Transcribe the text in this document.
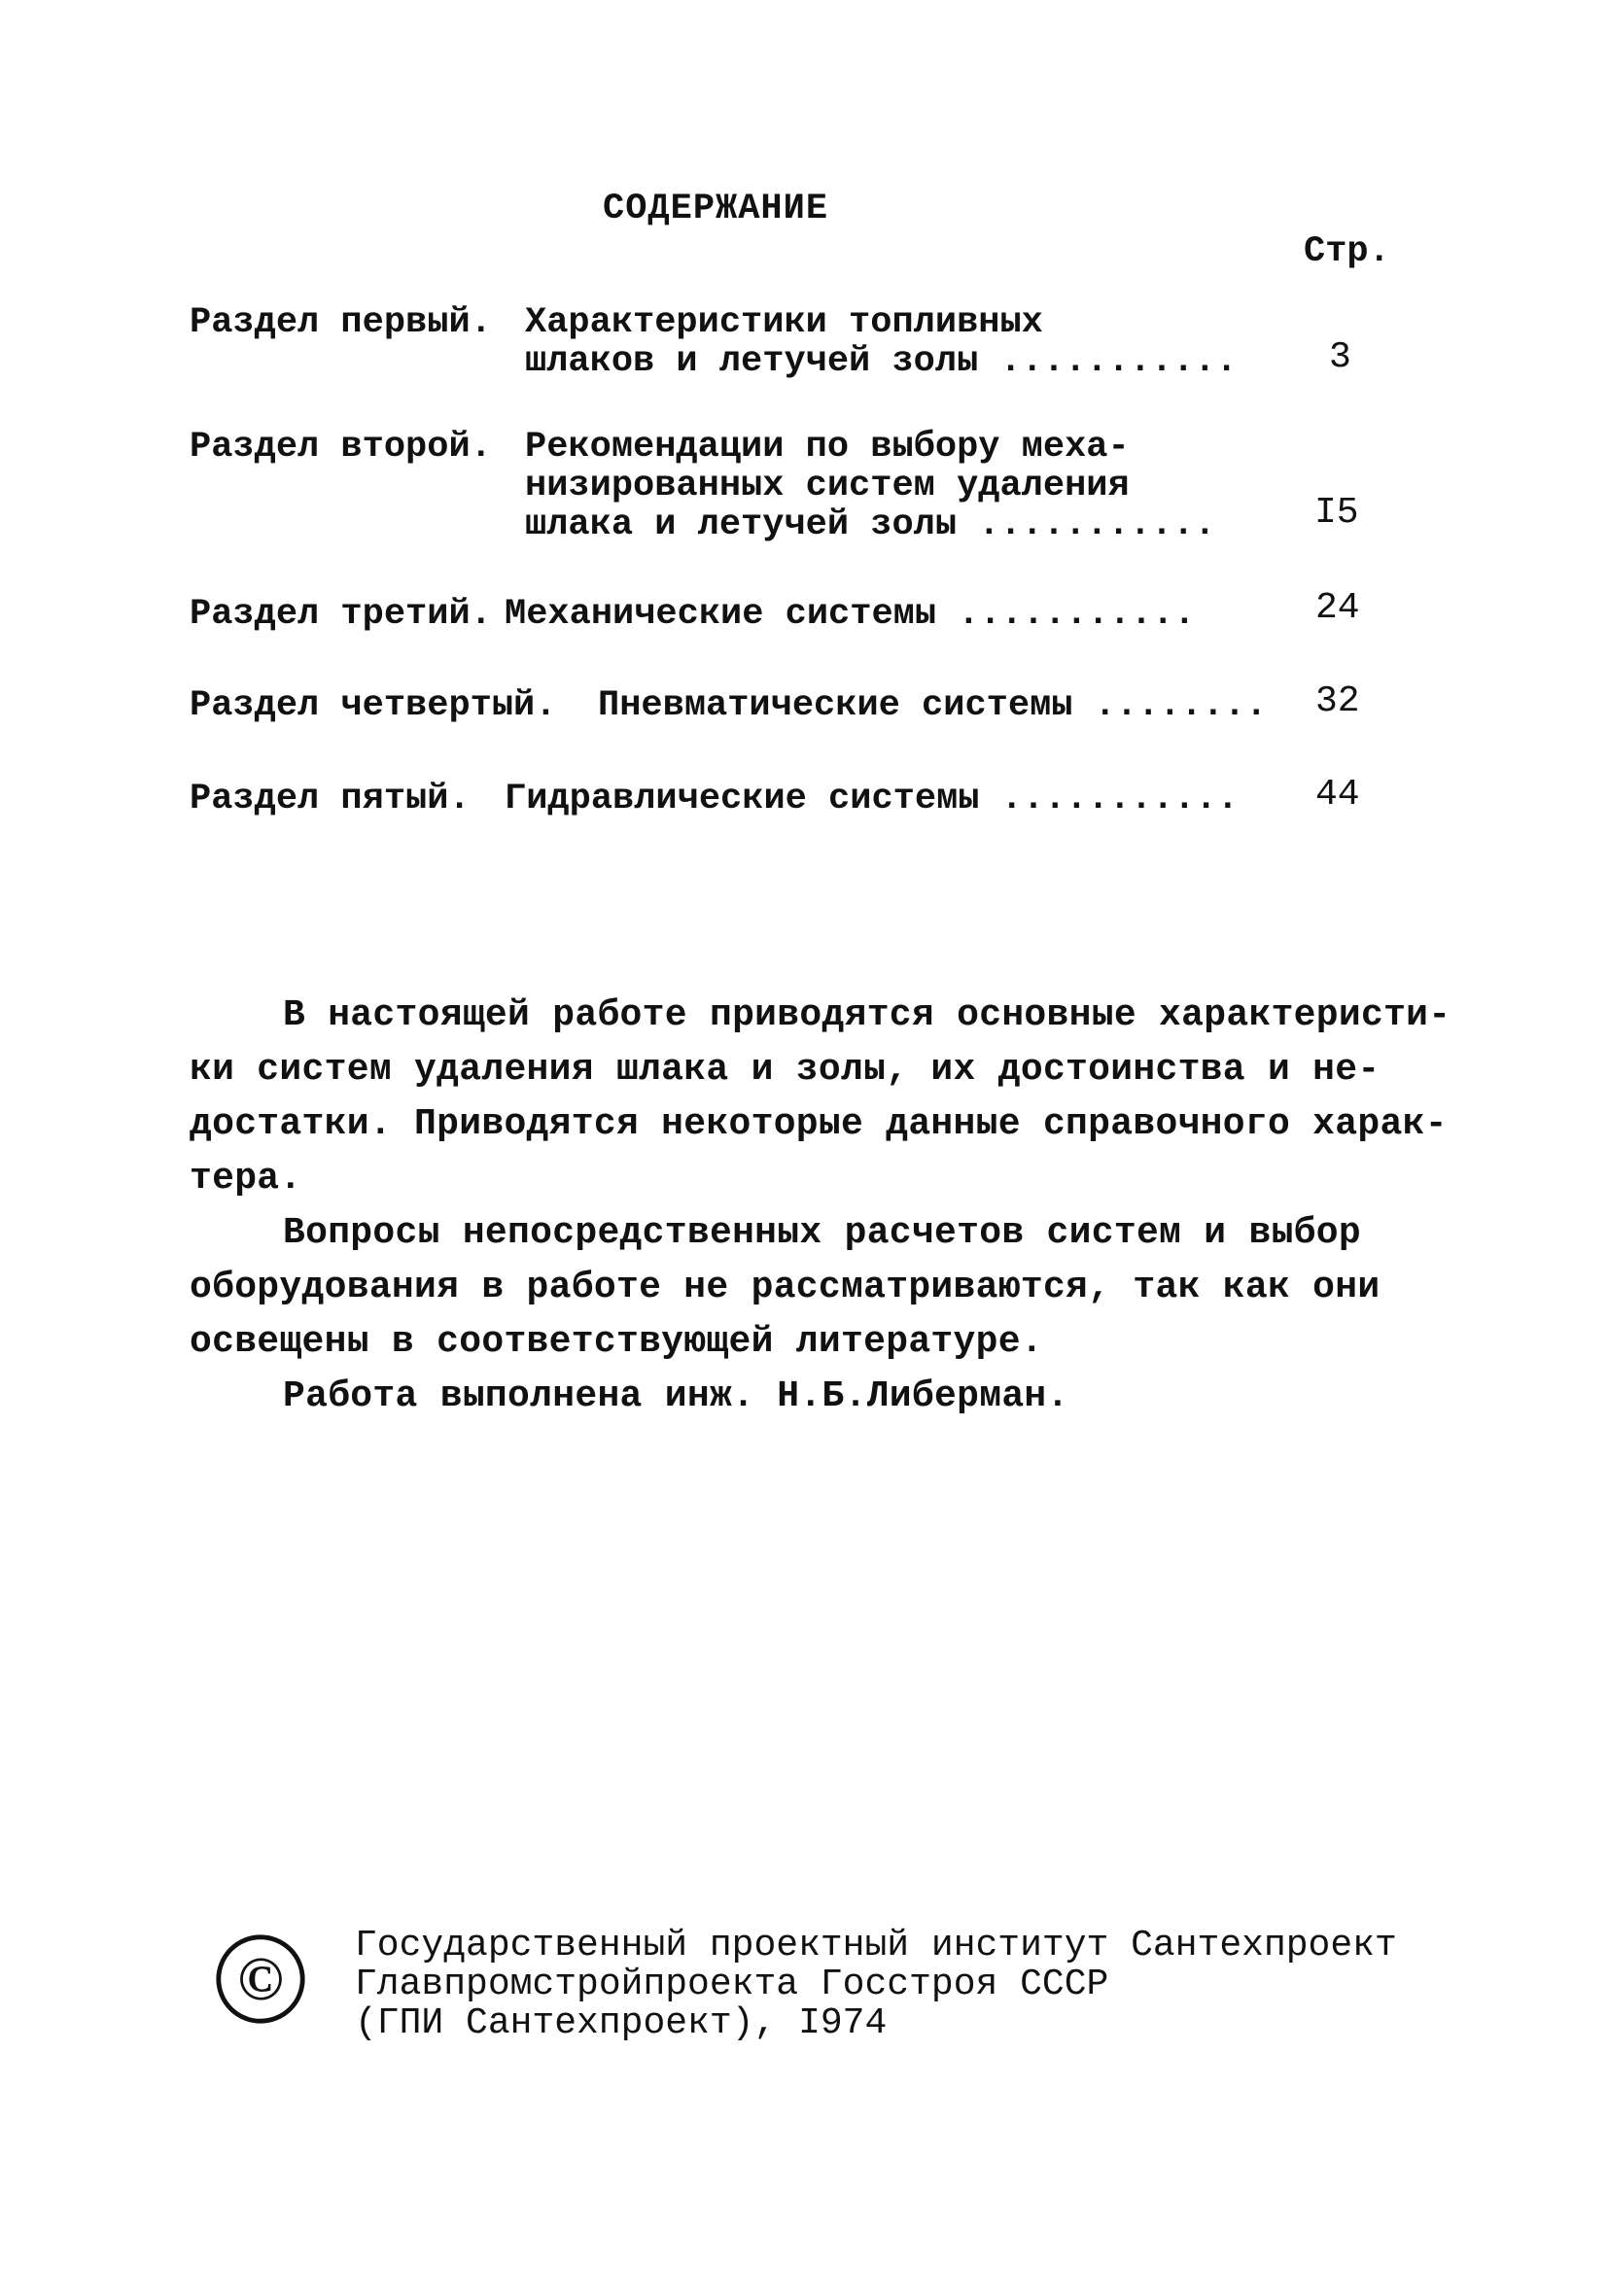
СОДЕРЖАНИЕ
Стр.
Раздел первый. Характеристики топливных
шлаков и летучей золы ........... 3
Раздел второй. Рекомендации по выбору меха-
низированных систем удаления
шлака и летучей золы ...........	I5
Раздел третий. Механические системы ...........	24
Раздел четвертый. Пневматические системы ........ 32
Раздел пятый. Гидравлические системы ........... 44
В настоящей работе приводятся основные характеристи-
ки систем удаления шлака и золы, их достоинства и не-
достатки. Приводятся некоторые данные справочного харак-
тера.
Вопросы непосредственных расчетов систем и выбор
оборудования в работе не рассматриваются, так как они
освещены в соответствующей литературе.
Работа выполнена инж. Н.Б.Либерман.
© Государственный проектный институт Сантехпроект
Главпромстройпроекта Госстроя СССР
(ГПИ Сантехпроект), I974
